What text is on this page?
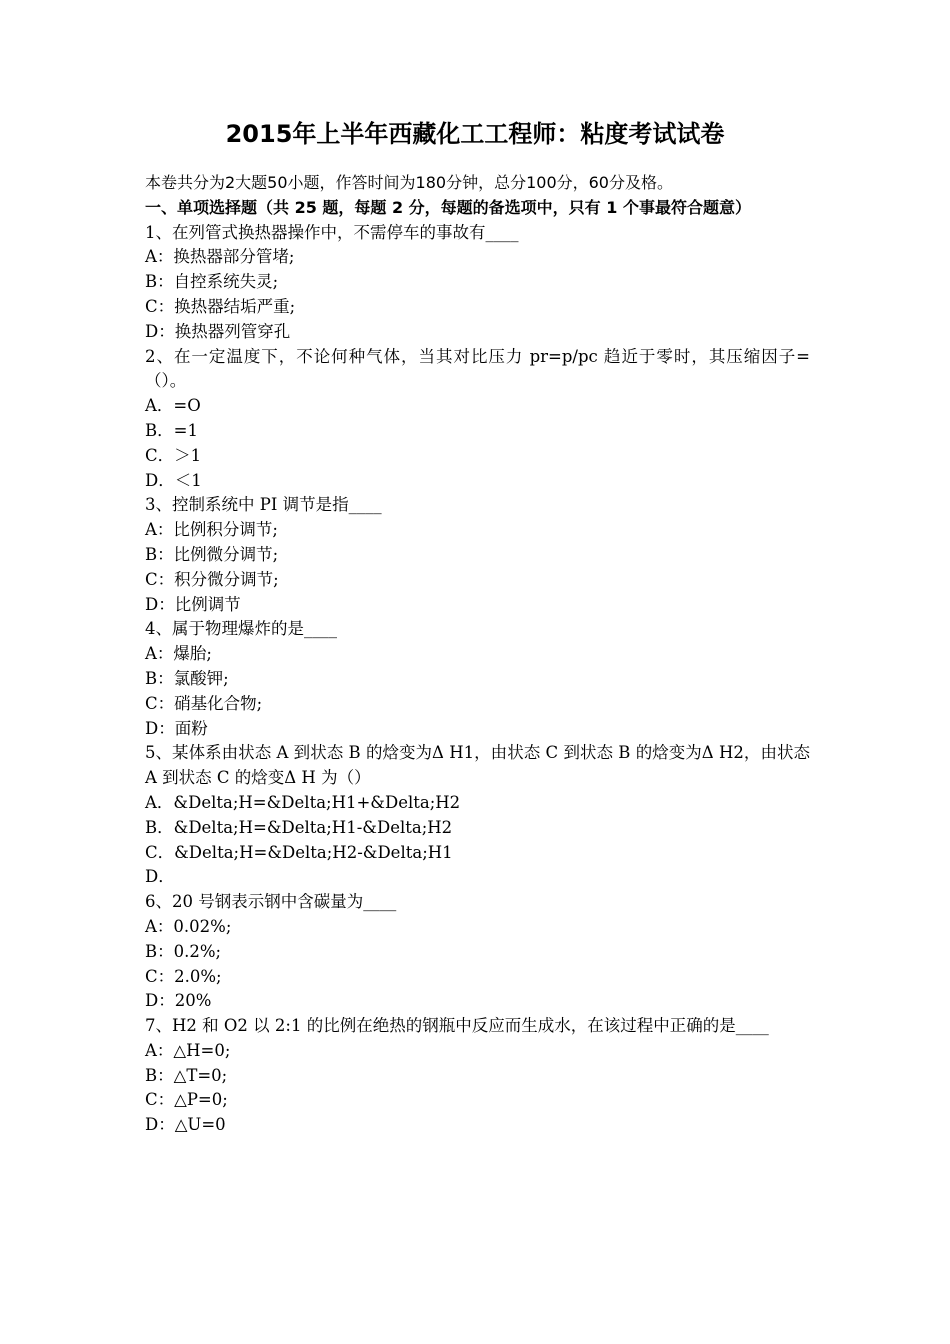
2015年上半年西藏化工工程师：粘度考试试卷
本卷共分为2大题50小题，作答时间为180分钟，总分100分，60分及格。
一、单项选择题（共 25 题，每题 2 分，每题的备选项中，只有 1 个事最符合题意）
1、在列管式换热器操作中，不需停车的事故有____
A：换热器部分管堵;
B：自控系统失灵;
C：换热器结垢严重;
D：换热器列管穿孔
2、在一定温度下，不论何种气体，当其对比压力 pr=p/pc 趋近于零时，其压缩因子=（）。
A．=O
B．=1
C．＞1
D．＜1
3、控制系统中 PI 调节是指____
A：比例积分调节;
B：比例微分调节;
C：积分微分调节;
D：比例调节
4、属于物理爆炸的是____
A：爆胎;
B：氯酸钾;
C：硝基化合物;
D：面粉
5、某体系由状态 A 到状态 B 的焓变为Δ H1，由状态 C 到状态 B 的焓变为Δ H2，由状态 A 到状态 C 的焓变Δ H 为（）
A．&Delta;H=&Delta;H1+&Delta;H2
B．&Delta;H=&Delta;H1-&Delta;H2
C．&Delta;H=&Delta;H2-&Delta;H1
D．
6、20 号钢表示钢中含碳量为____
A：0.02%;
B：0.2%;
C：2.0%;
D：20%
7、H2 和 O2 以 2:1 的比例在绝热的钢瓶中反应而生成水，在该过程中正确的是____
A：△H=0;
B：△T=0;
C：△P=0;
D：△U=0
